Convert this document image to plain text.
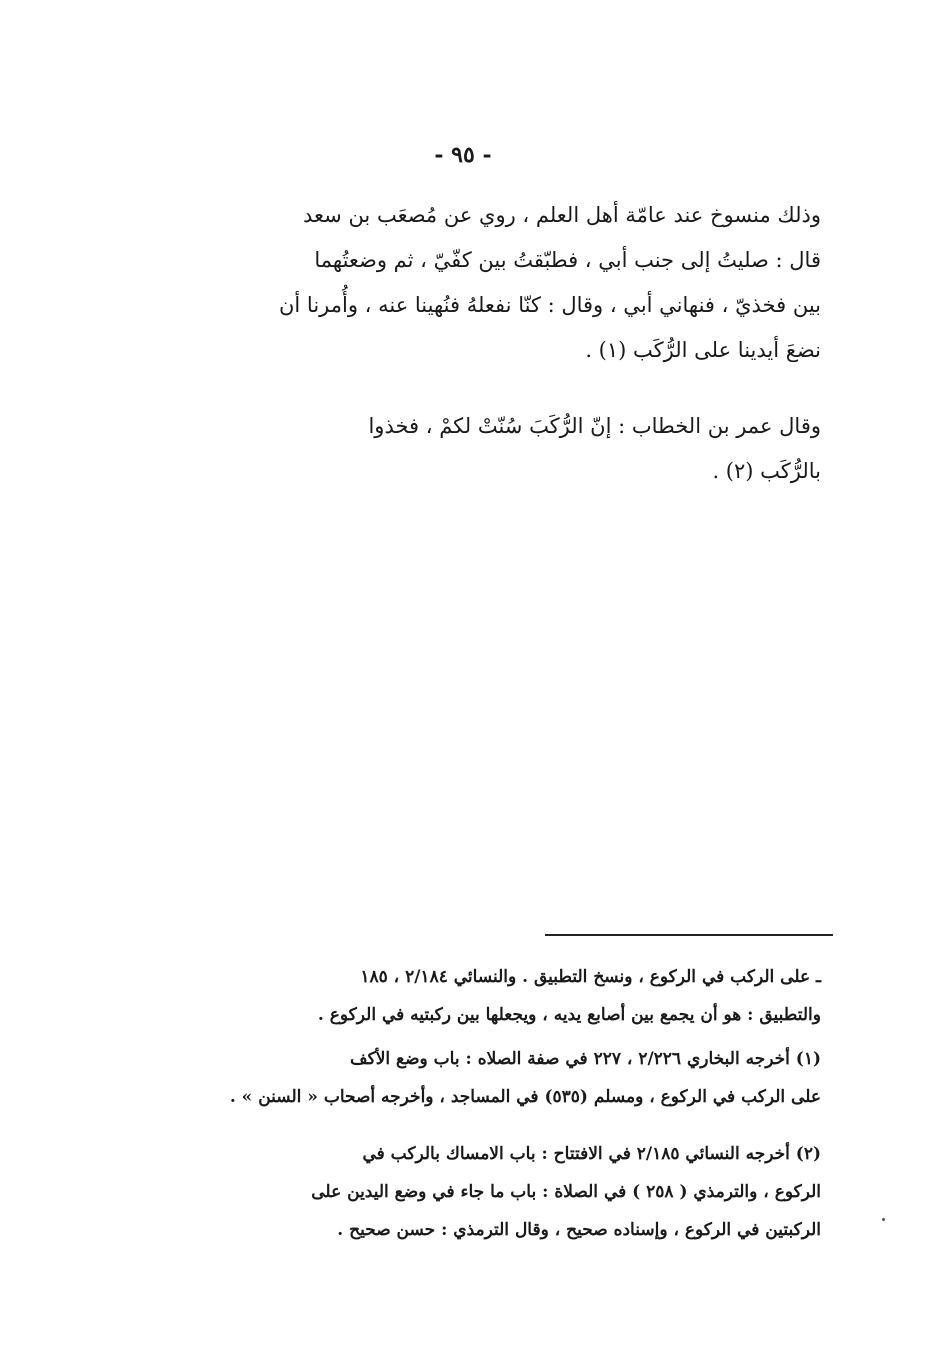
- ٩٥ -
وذلك منسوخ عند عامّة أهل العلم ، روي عن مُصعَب بن سعد
قال : صليتُ إلى جنب أبي ، فطبّقتُ بين كفّيّ ، ثم وضعتُهما
بين فخذيّ ، فنهاني أبي ، وقال : كنّا نفعلهُ فنُهينا عنه ، وأُمرنا أن
نضعَ أيدينا على الرُّكَب (١) .
وقال عمر بن الخطاب : إنّ الرُّكَبَ سُنّتْ لكمْ ، فخذوا
بالرُّكَب (٢) .
ـ على الركب في الركوع ، ونسخ التطبيق . والنسائي ٢/١٨٤ ، ١٨٥
والتطبيق : هو أن يجمع بين أصابع يديه ، ويجعلها بين ركبتيه في الركوع .
(١) أخرجه البخاري ٢/٢٢٦ ، ٢٢٧ في صفة الصلاه : باب وضع الأكف
على الركب في الركوع ، ومسلم (٥٣٥) في المساجد ، وأخرجه أصحاب « السنن » .
(٢) أخرجه النسائي ٢/١٨٥ في الافتتاح : باب الامساك بالركب في
الركوع ، والترمذي ( ٢٥٨ ) في الصلاة : باب ما جاء في وضع اليدين على
الركبتين في الركوع ، وإسناده صحيح ، وقال الترمذي : حسن صحيح .
